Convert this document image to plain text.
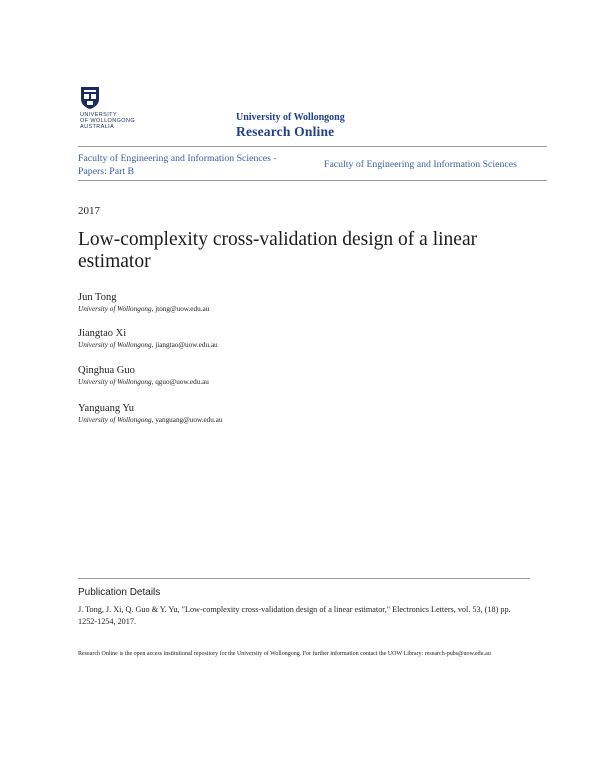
UNIVERSITY
OF WOLLONGONG
AUSTRALIA
University of Wollongong
Research Online
Faculty of Engineering and Information Sciences -
Papers: Part B
Faculty of Engineering and Information Sciences
2017
Low-complexity cross-validation design of a linear estimator
Jun Tong
University of Wollongong, jtong@uow.edu.au
Jiangtao Xi
University of Wollongong, jiangtao@uow.edu.au
Qinghua Guo
University of Wollongong, qguo@uow.edu.au
Yanguang Yu
University of Wollongong, yanguang@uow.edu.au
Publication Details
J. Tong, J. Xi, Q. Guo & Y. Yu, "Low-complexity cross-validation design of a linear estimator," Electronics Letters, vol. 53, (18) pp. 1252-1254, 2017.
Research Online is the open access institutional repository for the University of Wollongong. For further information contact the UOW Library: research-pubs@uow.edu.au
